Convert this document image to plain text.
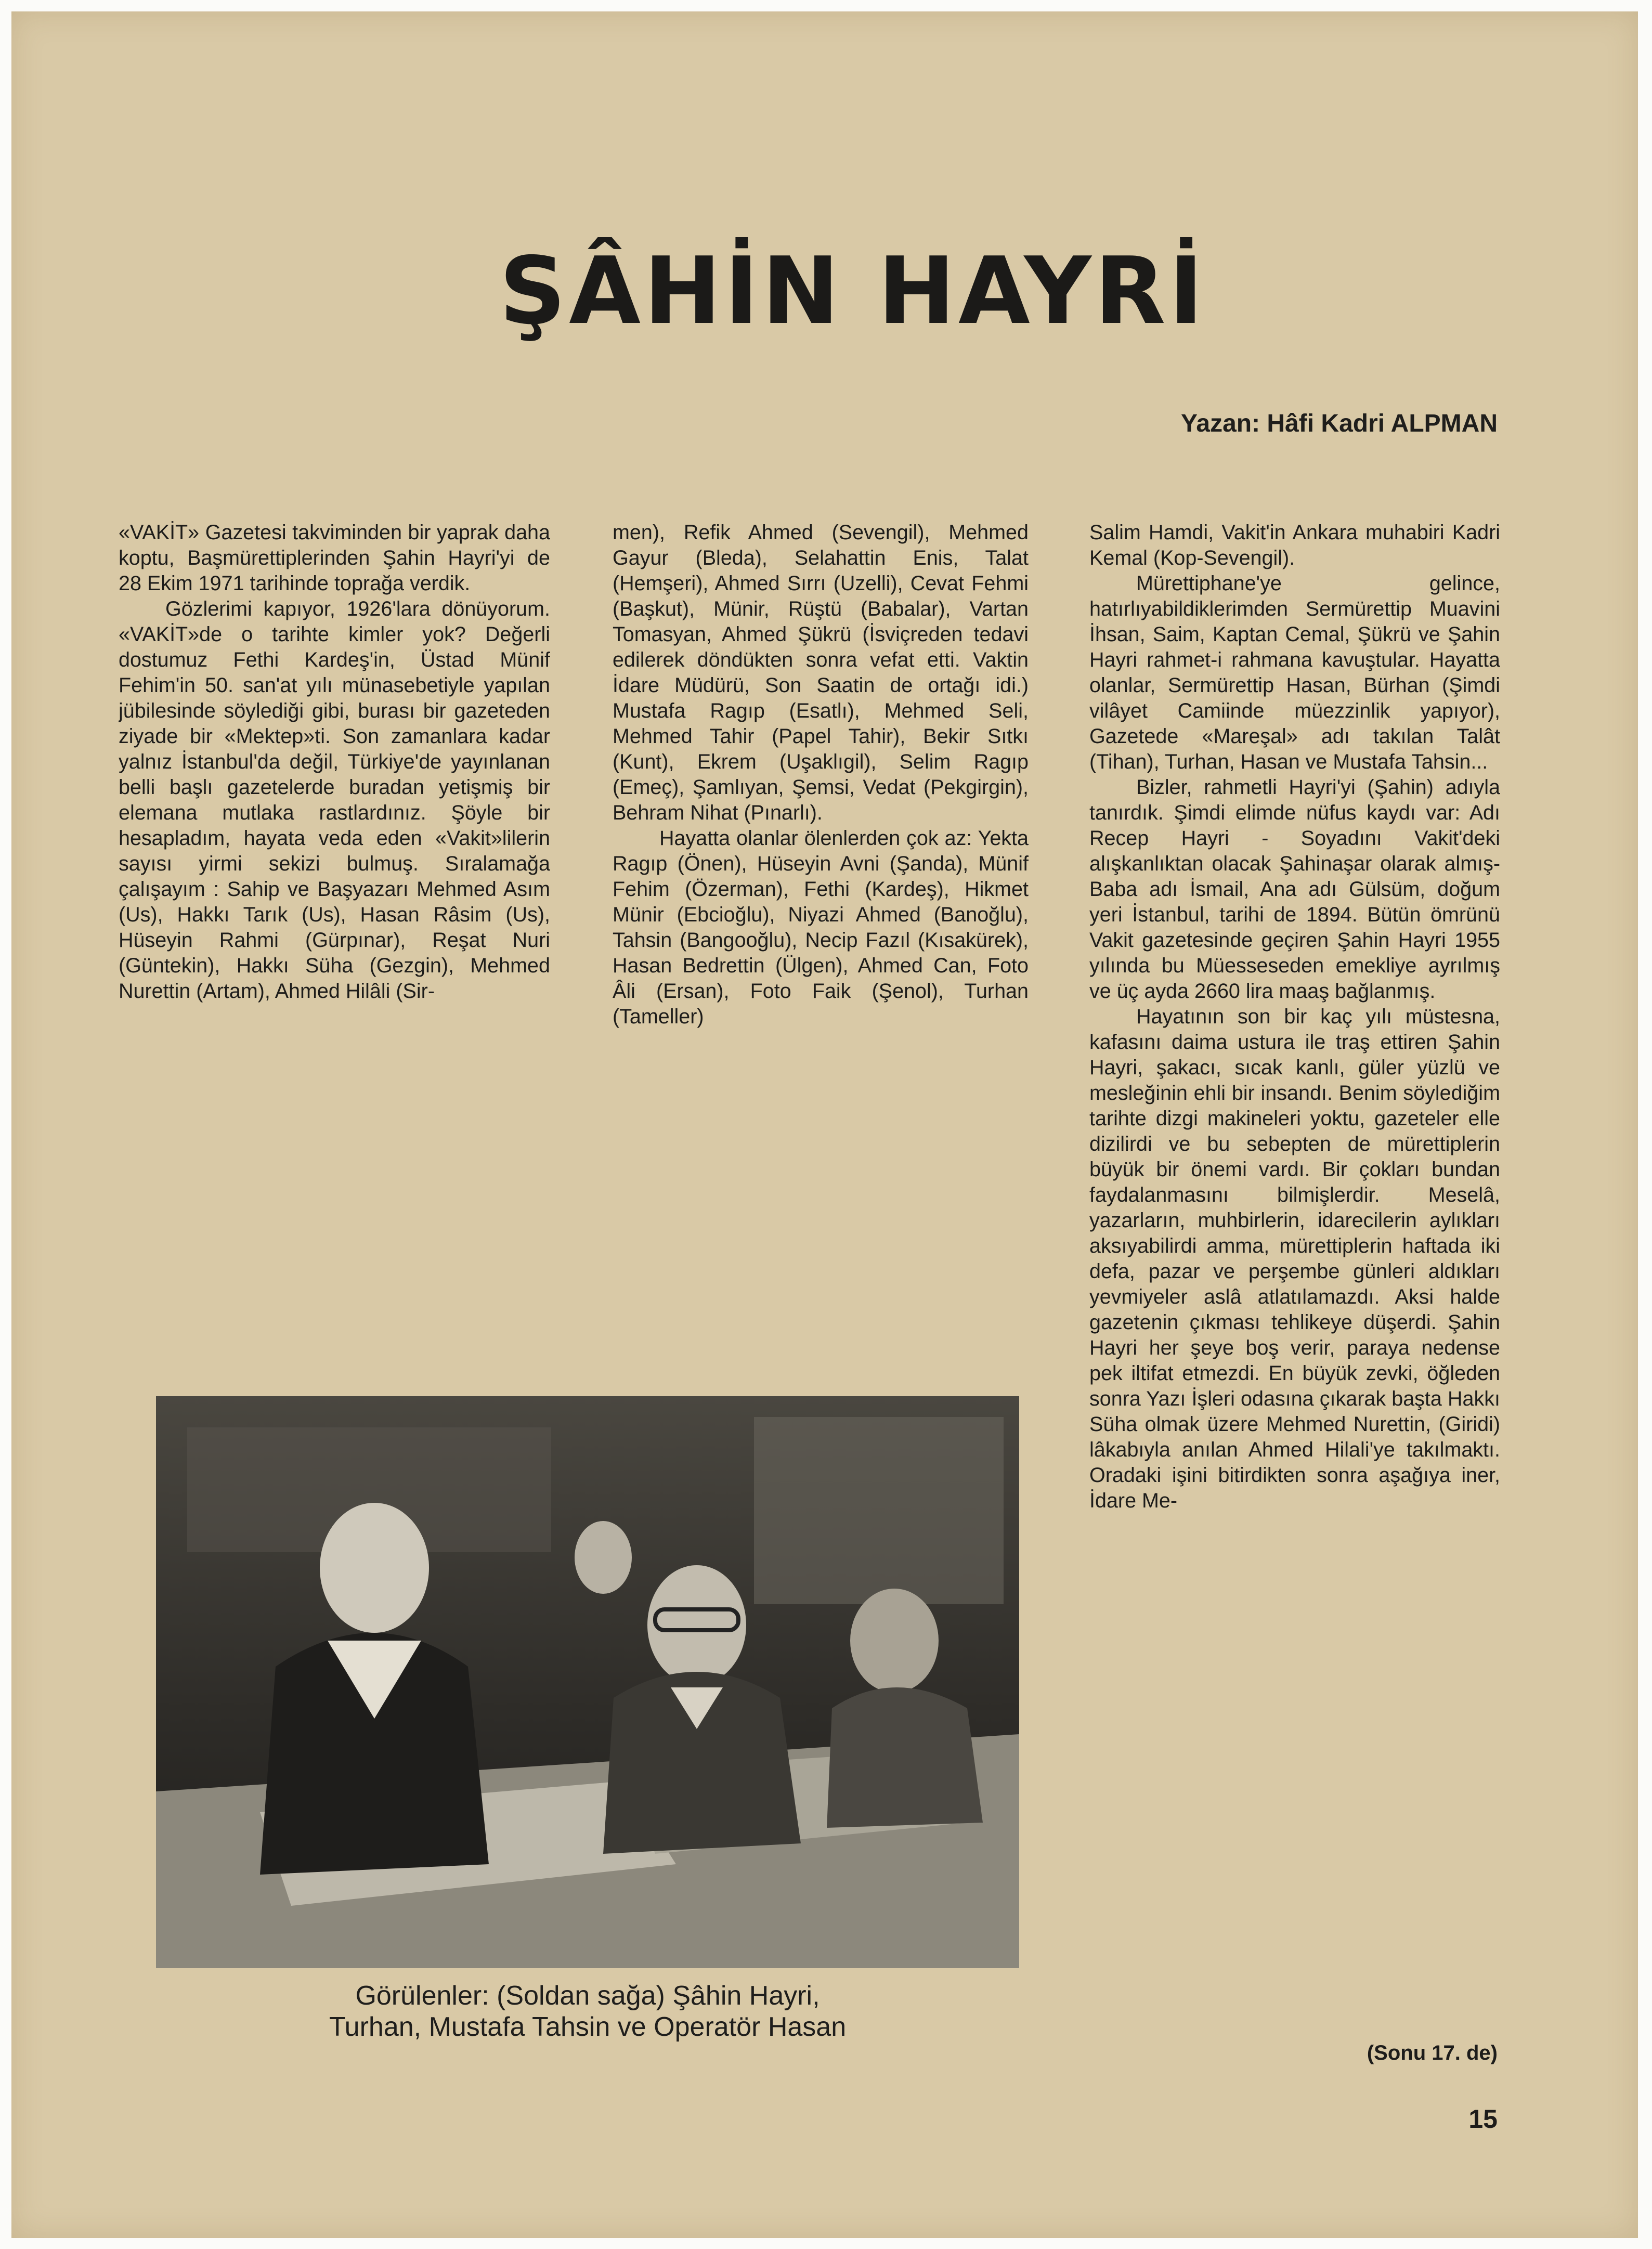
ŞÂHİN HAYRİ
Yazan: Hâfi Kadri ALPMAN

«VAKİT» Gazetesi takviminden bir yaprak daha koptu, Başmürettiplerinden Şahin Hayri'yi de 28 Ekim 1971 tarihinde toprağa verdik.

Gözlerimi kapıyor, 1926'lara dönüyorum. «VAKİT»de o tarihte kimler yok? Değerli dostumuz Fethi Kardeş'in, Üstad Münif Fehim'in 50. san'at yılı münasebetiyle yapılan jübilesinde söylediği gibi, burası bir gazeteden ziyade bir «Mektep»ti. Son zamanlara kadar yalnız İstanbul'da değil, Türkiye'de yayınlanan belli başlı gazetelerde buradan yetişmiş bir elemana mutlaka rastlardınız. Şöyle bir hesapladım, hayata veda eden «Vakit»lilerin sayısı yirmi sekizi bulmuş. Sıralamağa çalışayım : Sahip ve Başyazarı Mehmed Asım (Us), Hakkı Tarık (Us), Hasan Râsim (Us), Hüseyin Rahmi (Gürpınar), Reşat Nuri (Güntekin), Hakkı Süha (Gezgin), Mehmed Nurettin (Artam), Ahmed Hilâli (Sir-

men), Refik Ahmed (Sevengil), Mehmed Gayur (Bleda), Selahattin Enis, Talat (Hemşeri), Ahmed Sırrı (Uzelli), Cevat Fehmi (Başkut), Münir, Rüştü (Babalar), Vartan Tomasyan, Ahmed Şükrü (İsviçreden tedavi edilerek döndükten sonra vefat etti. Vaktin İdare Müdürü, Son Saatin de ortağı idi.) Mustafa Ragıp (Esatlı), Mehmed Seli, Mehmed Tahir (Papel Tahir), Bekir Sıtkı (Kunt), Ekrem (Uşaklıgil), Selim Ragıp (Emeç), Şamlıyan, Şemsi, Vedat (Pekgirgin), Behram Nihat (Pınarlı).

Hayatta olanlar ölenlerden çok az: Yekta Ragıp (Önen), Hüseyin Avni (Şanda), Münif Fehim (Özerman), Fethi (Kardeş), Hikmet Münir (Ebcioğlu), Niyazi Ahmed (Banoğlu), Tahsin (Bangooğlu), Necip Fazıl (Kısakürek), Hasan Bedrettin (Ülgen), Ahmed Can, Foto Âli (Ersan), Foto Faik (Şenol), Turhan (Tameller)

Salim Hamdi, Vakit'in Ankara muhabiri Kadri Kemal (Kop-Sevengil).

Mürettiphane'ye gelince, hatırlıyabildiklerimden Sermürettip Muavini İhsan, Saim, Kaptan Cemal, Şükrü ve Şahin Hayri rahmet-i rahmana kavuştular. Hayatta olanlar, Sermürettip Hasan, Bürhan (Şimdi vilâyet Camiinde müezzinlik yapıyor), Gazetede «Mareşal» adı takılan Talât (Tihan), Turhan, Hasan ve Mustafa Tahsin...

Bizler, rahmetli Hayri'yi (Şahin) adıyla tanırdık. Şimdi elimde nüfus kaydı var: Adı Recep Hayri - Soyadını Vakit'deki alışkanlıktan olacak Şahinaşar olarak almış- Baba adı İsmail, Ana adı Gülsüm, doğum yeri İstanbul, tarihi de 1894. Bütün ömrünü Vakit gazetesinde geçiren Şahin Hayri 1955 yılında bu Müesseseden emekliye ayrılmış ve üç ayda 2660 lira maaş bağlanmış.

Hayatının son bir kaç yılı müstesna, kafasını daima ustura ile traş ettiren Şahin Hayri, şakacı, sıcak kanlı, güler yüzlü ve mesleğinin ehli bir insandı. Benim söylediğim tarihte dizgi makineleri yoktu, gazeteler elle dizilirdi ve bu sebepten de mürettiplerin büyük bir önemi vardı. Bir çokları bundan faydalanmasını bilmişlerdir. Meselâ, yazarların, muhbirlerin, idarecilerin aylıkları aksıyabilirdi amma, mürettiplerin haftada iki defa, pazar ve perşembe günleri aldıkları yevmiyeler aslâ atlatılamazdı. Aksi halde gazetenin çıkması tehlikeye düşerdi. Şahin Hayri her şeye boş verir, paraya nedense pek iltifat etmezdi. En büyük zevki, öğleden sonra Yazı İşleri odasına çıkarak başta Hakkı Süha olmak üzere Mehmed Nurettin, (Giridi) lâkabıyla anılan Ahmed Hilali'ye takılmaktı. Oradaki işini bitirdikten sonra aşağıya iner, İdare Me-

Görülenler: (Soldan sağa) Şâhin Hayri,
Turhan, Mustafa Tahsin ve Operatör Hasan
(Sonu 17. de)
15
